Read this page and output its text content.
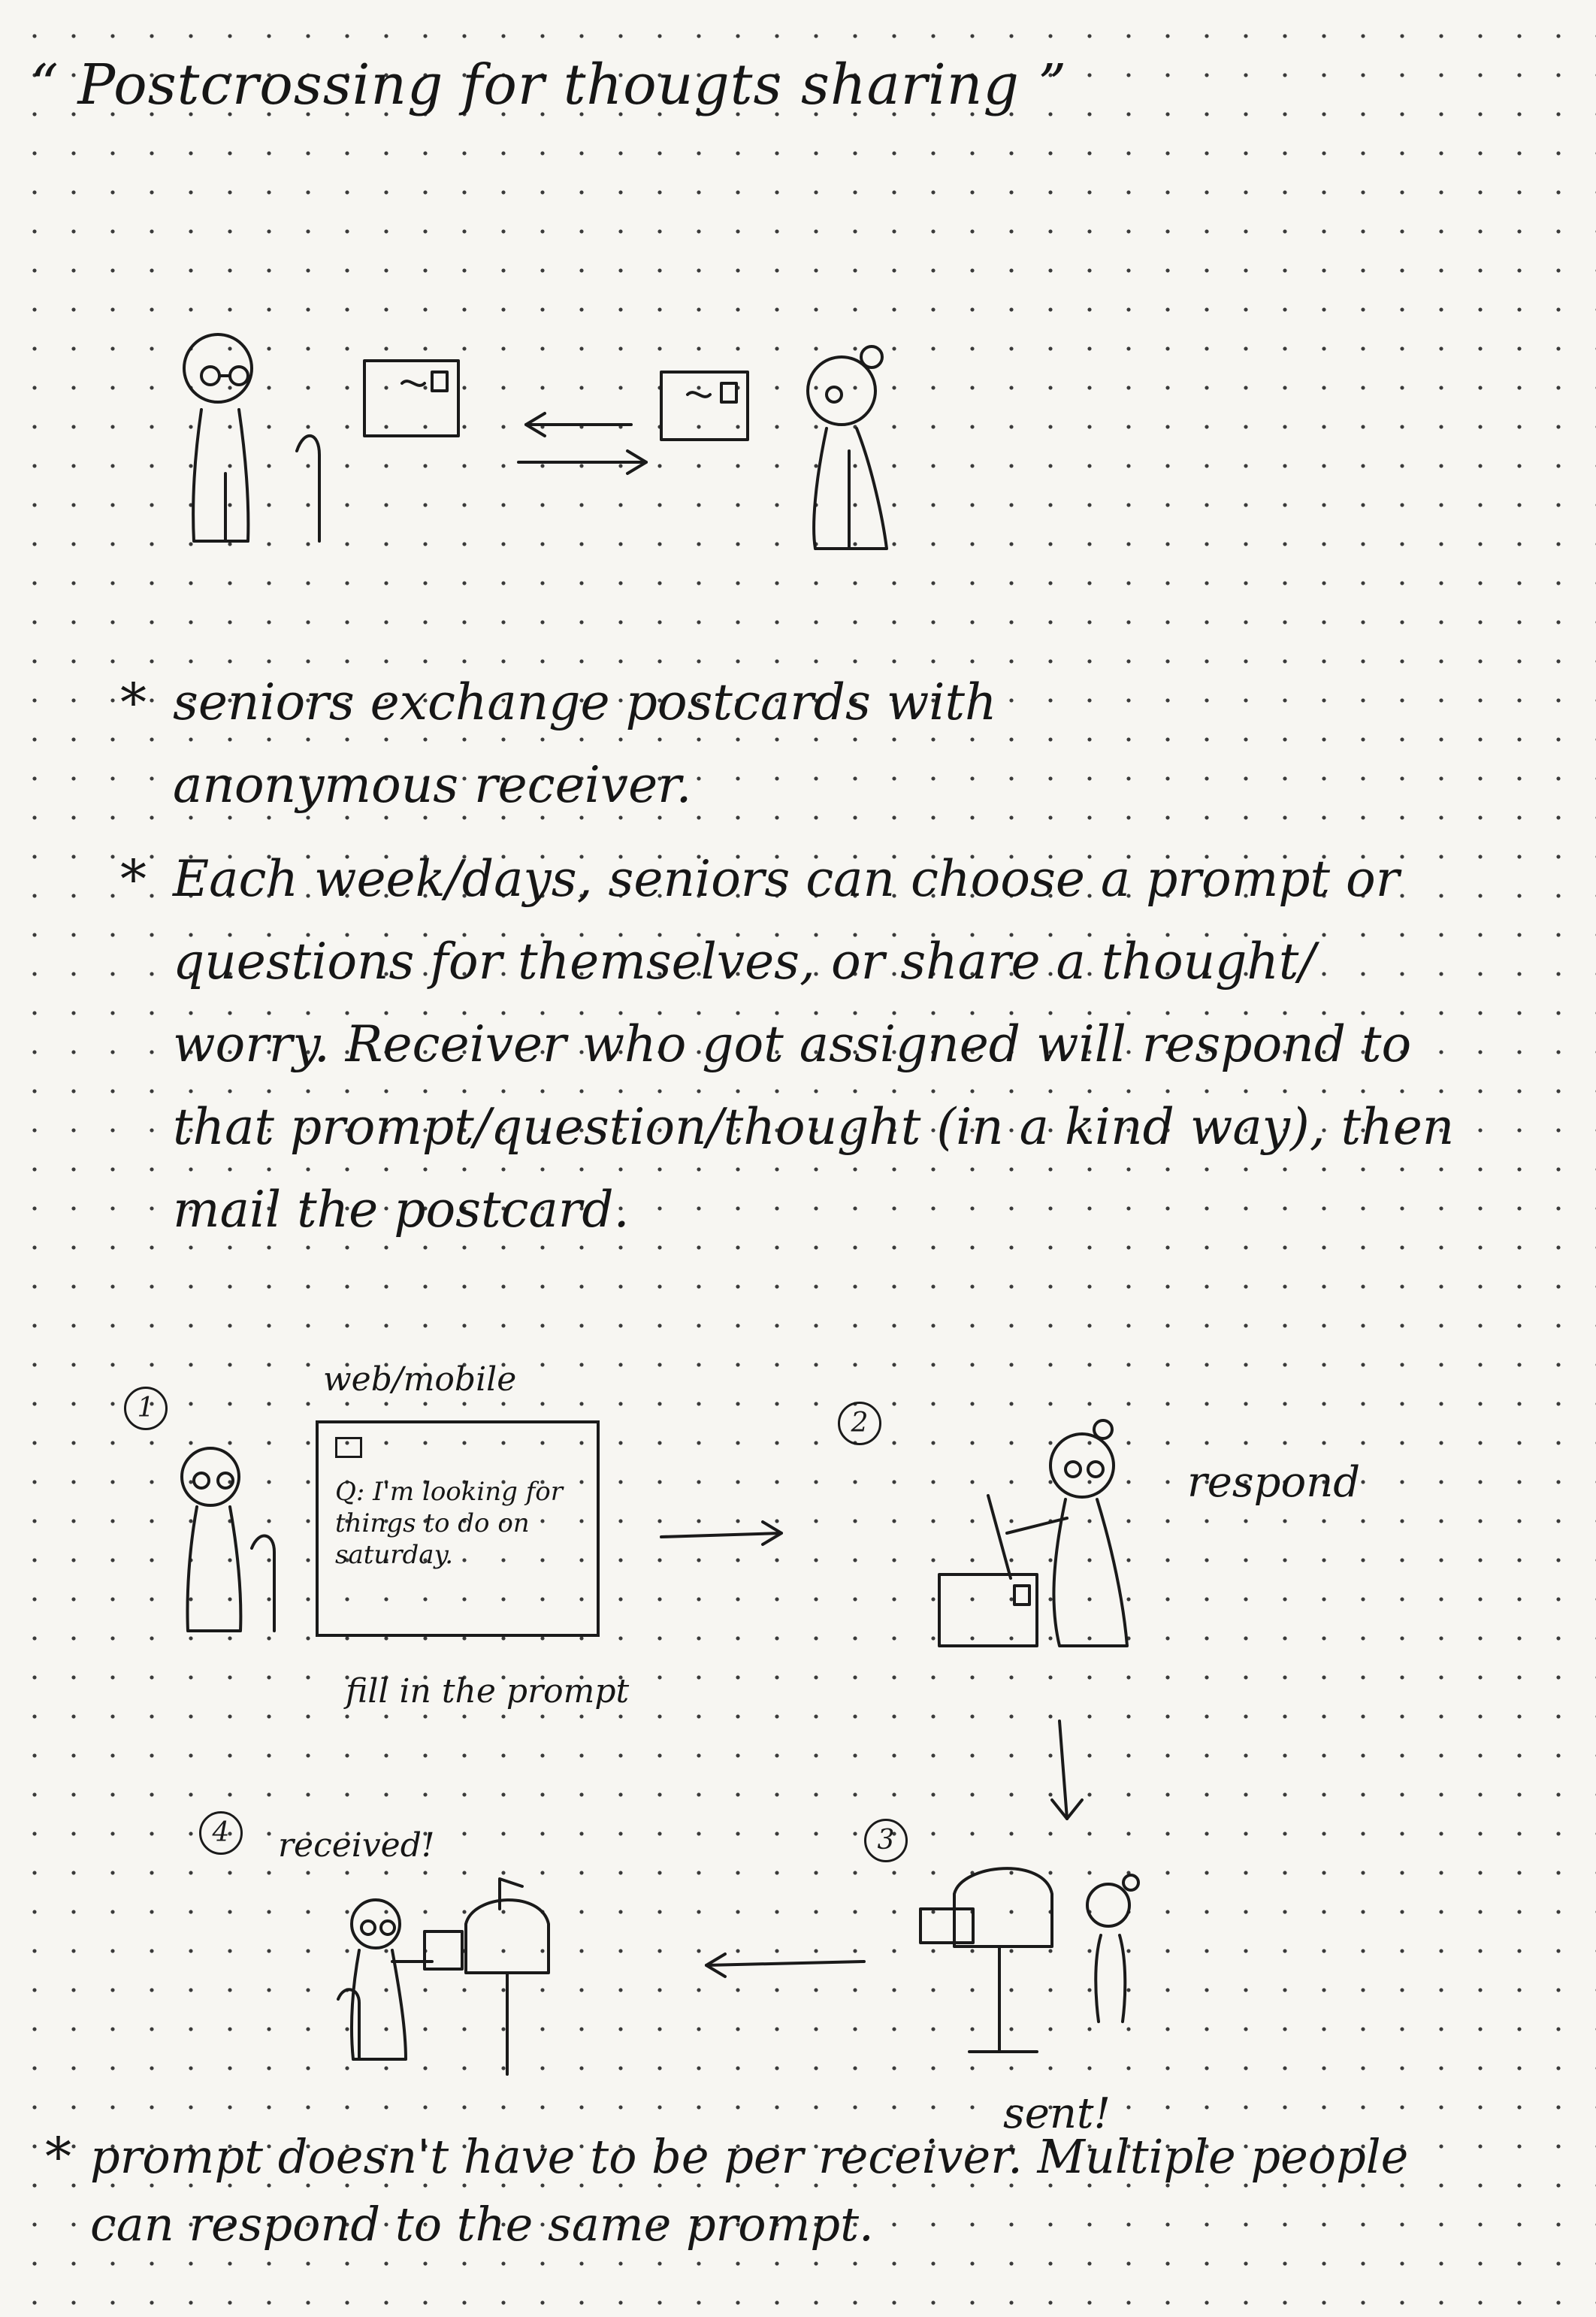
“ Postcrossing for thougts sharing ”
* seniors exchange postcards with anonymous receiver.
* Each week/days, seniors can choose a prompt or questions for themselves, or share a thought/ worry. Receiver who got assigned will respond to that prompt/question/thought (in a kind way), then mail the postcard.
1
web/mobile
Q: I'm looking for things to do on saturday.
fill in the prompt
2
respond
3
sent!
4	received!
* prompt doesn't have to be per receiver. Multiple people
can respond to the same prompt.
